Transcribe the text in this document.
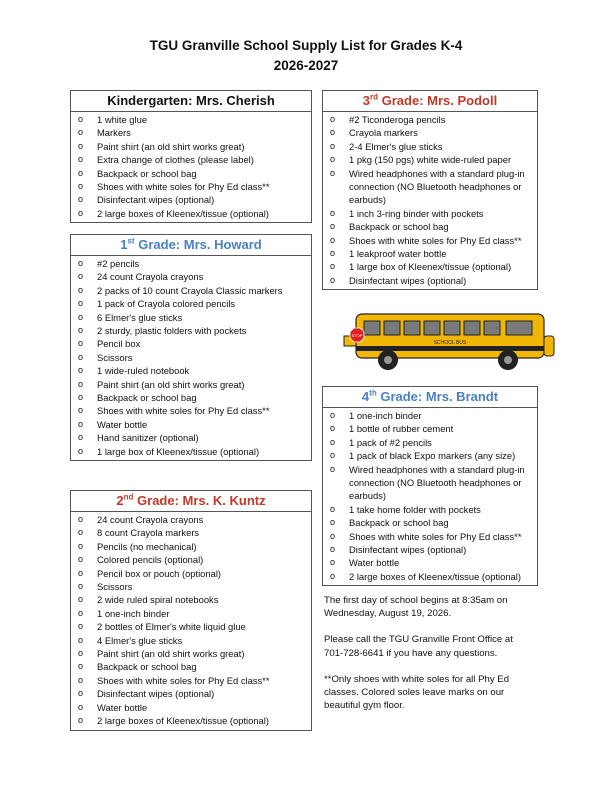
TGU Granville School Supply List for Grades K-4
2026-2027
Kindergarten: Mrs. Cherish
o 1 white glue
o Markers
o Paint shirt (an old shirt works great)
o Extra change of clothes (please label)
o Backpack or school bag
o Shoes with white soles for Phy Ed class**
o Disinfectant wipes (optional)
o 2 large boxes of Kleenex/tissue (optional)
1st Grade: Mrs. Howard
o #2 pencils
o 24 count Crayola crayons
o 2 packs of 10 count Crayola Classic markers
o 1 pack of Crayola colored pencils
o 6 Elmer's glue sticks
o 2 sturdy, plastic folders with pockets
o Pencil box
o Scissors
o 1 wide-ruled notebook
o Paint shirt (an old shirt works great)
o Backpack or school bag
o Shoes with white soles for Phy Ed class**
o Water bottle
o Hand sanitizer (optional)
o 1 large box of Kleenex/tissue (optional)
2nd Grade: Mrs. K. Kuntz
o 24 count Crayola crayons
o 8 count Crayola markers
o Pencils (no mechanical)
o Colored pencils (optional)
o Pencil box or pouch (optional)
o Scissors
o 2 wide ruled spiral notebooks
o 1 one-inch binder
o 2 bottles of Elmer's white liquid glue
o 4 Elmer's glue sticks
o Paint shirt (an old shirt works great)
o Backpack or school bag
o Shoes with white soles for Phy Ed class**
o Disinfectant wipes (optional)
o Water bottle
o 2 large boxes of Kleenex/tissue (optional)
3rd Grade: Mrs. Podoll
o #2 Ticonderoga pencils
o Crayola markers
o 2-4 Elmer's glue sticks
o 1 pkg (150 pgs) white wide-ruled paper
o Wired headphones with a standard plug-in connection (NO Bluetooth headphones or earbuds)
o 1 inch 3-ring binder with pockets
o Backpack or school bag
o Shoes with white soles for Phy Ed class**
o 1 leakproof water bottle
o 1 large box of Kleenex/tissue (optional)
o Disinfectant wipes (optional)
STOP
SCHOOL BUS
4th Grade: Mrs. Brandt
o 1 one-inch binder
o 1 bottle of rubber cement
o 1 pack of #2 pencils
o 1 pack of black Expo markers (any size)
o Wired headphones with a standard plug-in connection (NO Bluetooth headphones or earbuds)
o 1 take home folder with pockets
o Backpack or school bag
o Shoes with white soles for Phy Ed class**
o Disinfectant wipes (optional)
o Water bottle
o 2 large boxes of Kleenex/tissue (optional)

The first day of school begins at 8:35am on Wednesday, August 19, 2026.

Please call the TGU Granville Front Office at 701-728-6641 if you have any questions.

**Only shoes with white soles for all Phy Ed classes. Colored soles leave marks on our beautiful gym floor.
